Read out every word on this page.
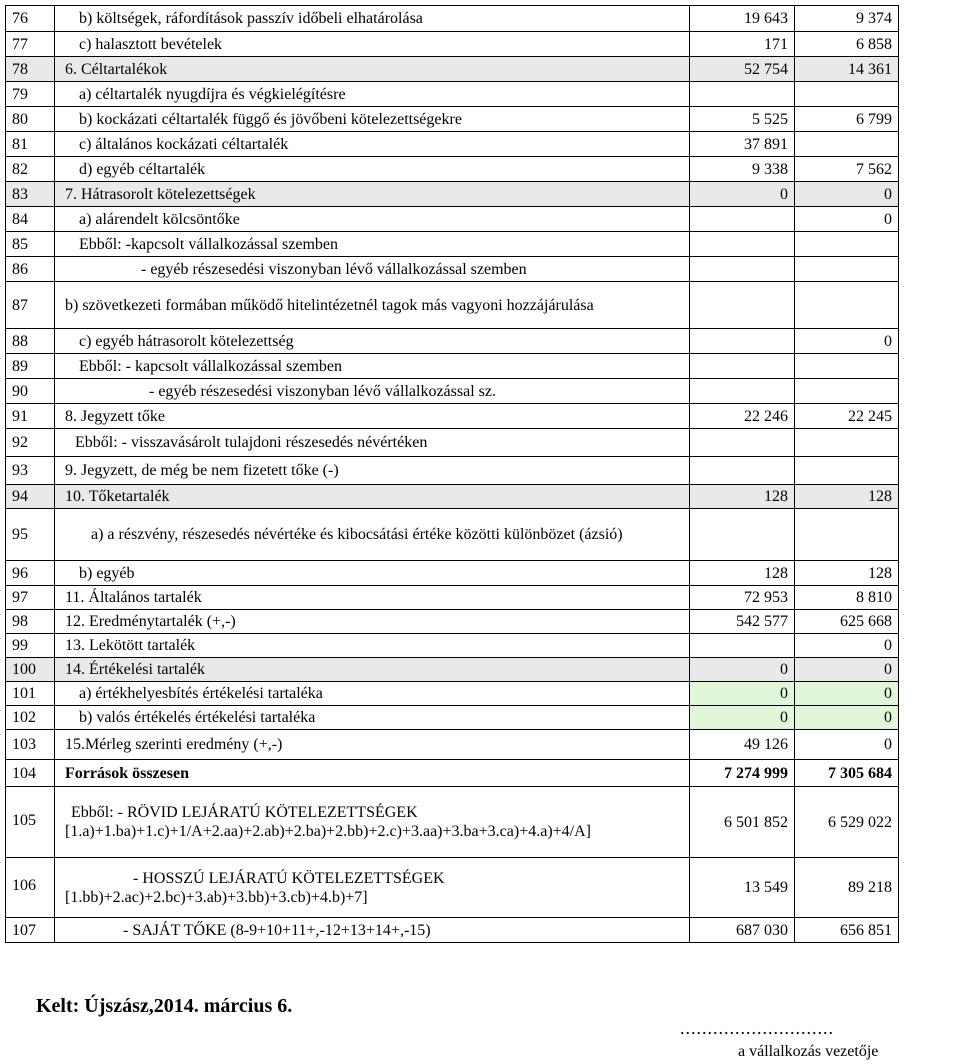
76	b) költségek, ráfordítások passzív időbeli elhatárolása	19 643	9 374
77	c) halasztott bevételek	171	6 858
78	6. Céltartalékok	52 754	14 361
79	a) céltartalék nyugdíjra és végkielégítésre		
80	b) kockázati céltartalék függő és jövőbeni kötelezettségekre	5 525	6 799
81	c) általános kockázati céltartalék	37 891	
82	d) egyéb céltartalék	9 338	7 562
83	7. Hátrasorolt kötelezettségek	0	0
84	a) alárendelt kölcsöntőke		0
85	Ebből: -kapcsolt vállalkozással szemben		
86	- egyéb részesedési viszonyban lévő vállalkozással szemben		
87	b) szövetkezeti formában működő hitelintézetnél tagok más vagyoni hozzájárulása		
88	c) egyéb hátrasorolt kötelezettség		0
89	Ebből: - kapcsolt vállalkozással szemben		
90	- egyéb részesedési viszonyban lévő vállalkozással sz.		
91	8. Jegyzett tőke	22 246	22 245
92	Ebből: - visszavásárolt tulajdoni részesedés névértéken		
93	9. Jegyzett, de még be nem fizetett tőke (-)		
94	10. Tőketartalék	128	128
95	a) a részvény, részesedés névértéke és kibocsátási értéke közötti különbözet (ázsió)		
96	b) egyéb	128	128
97	11. Általános tartalék	72 953	8 810
98	12. Eredménytartalék (+,-)	542 577	625 668
99	13. Lekötött tartalék		0
100	14. Értékelési tartalék	0	0
101	a) értékhelyesbítés értékelési tartaléka	0	0
102	b) valós értékelés értékelési tartaléka	0	0
103	15.Mérleg szerinti eredmény (+,-)	49 126	0
104	Források összesen	7 274 999	7 305 684
105	Ebből: - RÖVID LEJÁRATÚ KÖTELEZETTSÉGEK
[1.a)+1.ba)+1.c)+1/A+2.aa)+2.ab)+2.ba)+2.bb)+2.c)+3.aa)+3.ba+3.ca)+4.a)+4/A]	6 501 852	6 529 022
106	- HOSSZÚ LEJÁRATÚ KÖTELEZETTSÉGEK
[1.bb)+2.ac)+2.bc)+3.ab)+3.bb)+3.cb)+4.b)+7]	13 549	89 218
107	- SAJÁT TŐKE (8-9+10+11+,-12+13+14+,-15)	687 030	656 851

Kelt: Újszász,2014. március 6.

............................
a vállalkozás vezetője
